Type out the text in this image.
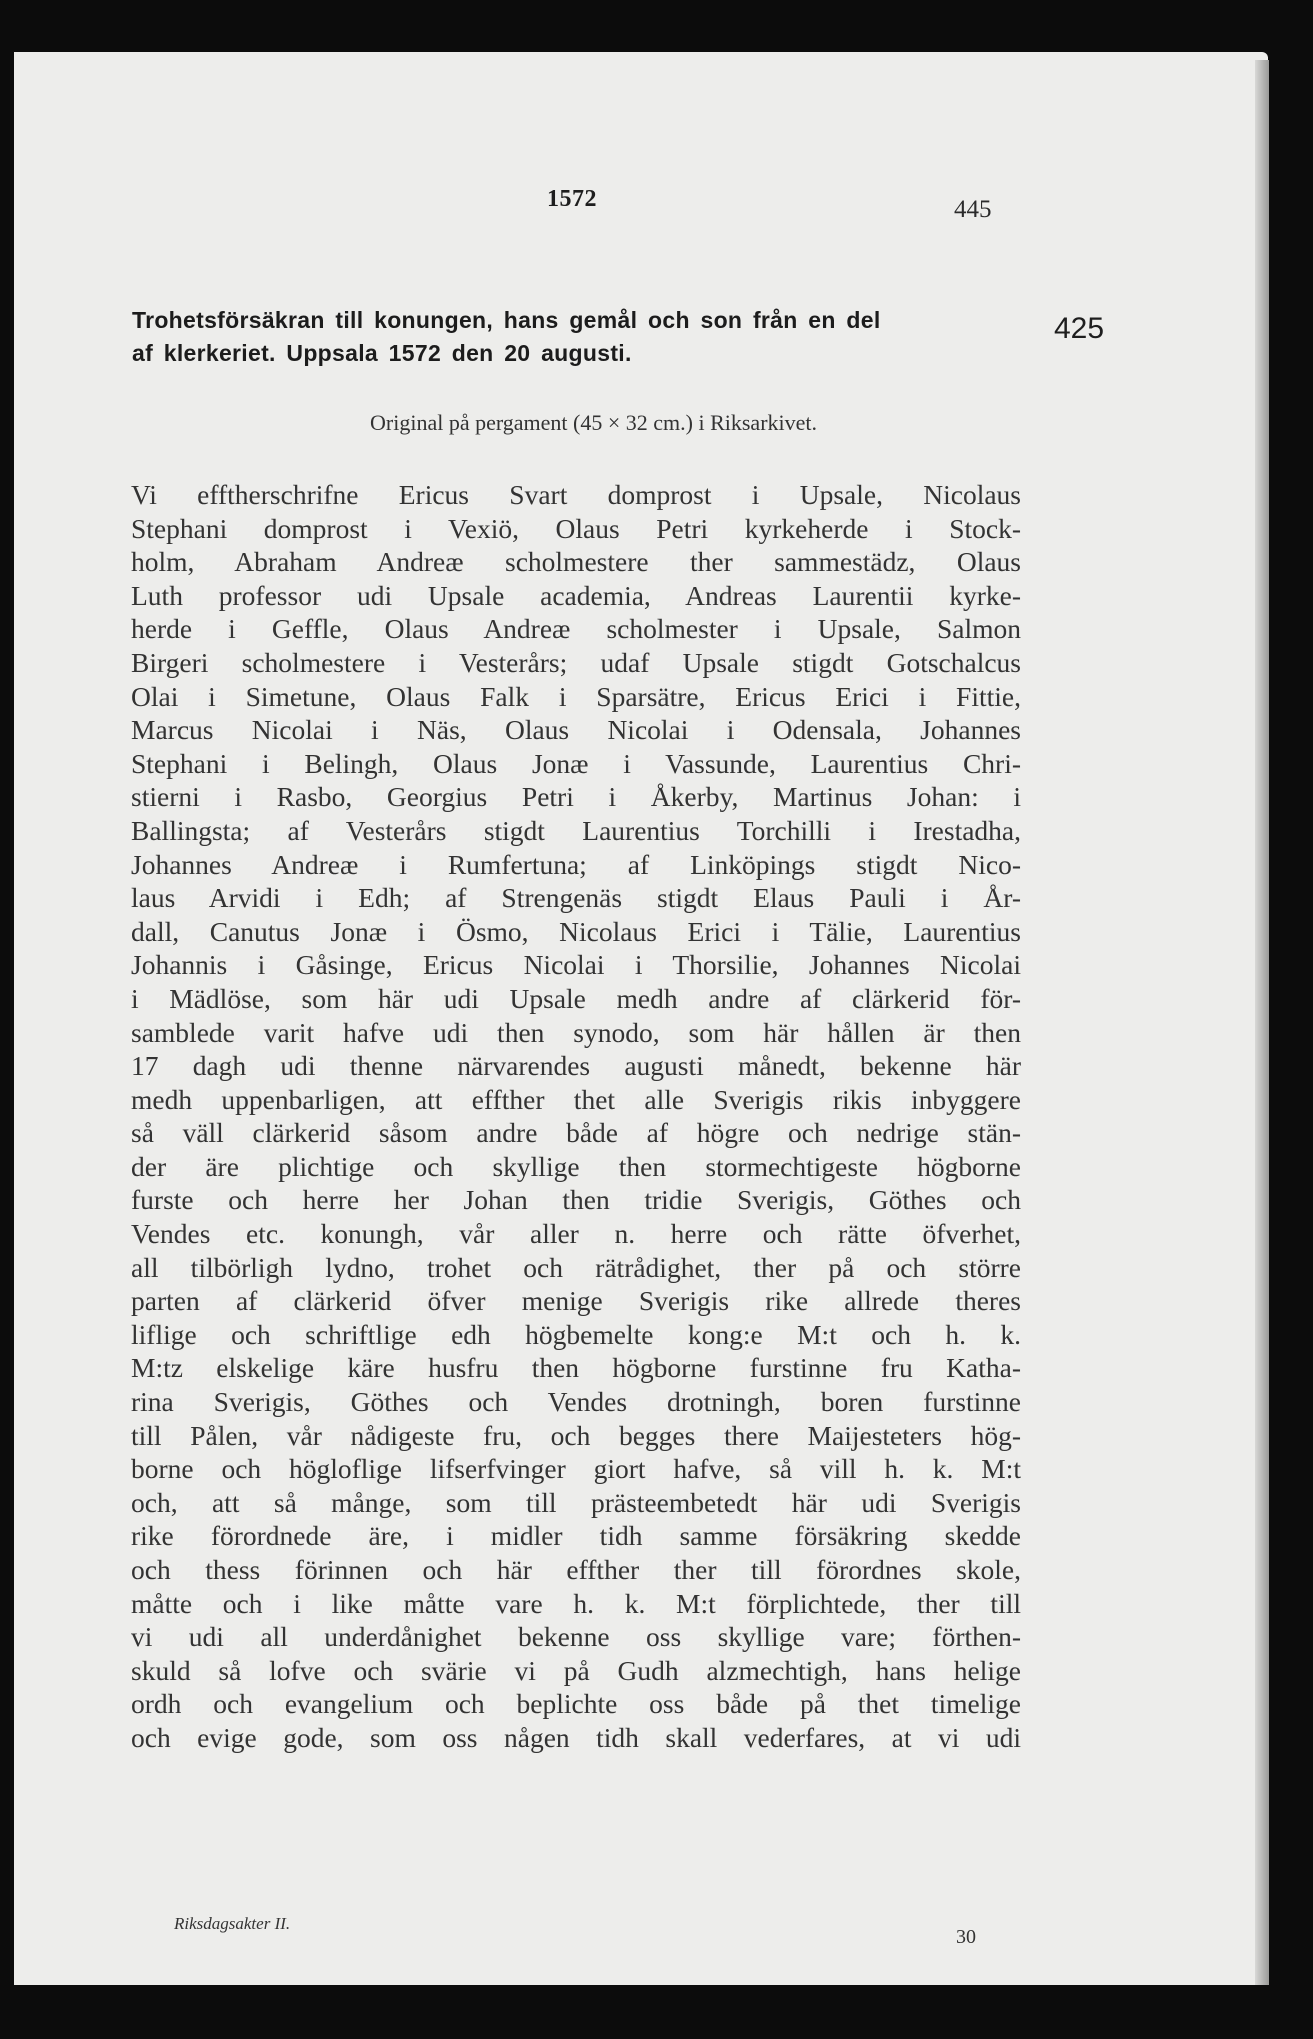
1572	445
425
Trohetsförsäkran till konungen, hans gemål och son från en del
af klerkeriet. Uppsala 1572 den 20 augusti.
Original på pergament (45 × 32 cm.) i Riksarkivet.
Vi efftherschrifne Ericus Svart domprost i Upsale, Nicolaus
Stephani domprost i Vexiö, Olaus Petri kyrkeherde i Stock-
holm, Abraham Andreæ scholmestere ther sammestädz, Olaus
Luth professor udi Upsale academia, Andreas Laurentii kyrke-
herde i Geffle, Olaus Andreæ scholmester i Upsale, Salmon
Birgeri scholmestere i Vesterårs; udaf Upsale stigdt Gotschalcus
Olai i Simetune, Olaus Falk i Sparsätre, Ericus Erici i Fittie,
Marcus Nicolai i Näs, Olaus Nicolai i Odensala, Johannes
Stephani i Belingh, Olaus Jonæ i Vassunde, Laurentius Chri-
stierni i Rasbo, Georgius Petri i Åkerby, Martinus Johan: i
Ballingsta; af Vesterårs stigdt Laurentius Torchilli i Irestadha,
Johannes Andreæ i Rumfertuna; af Linköpings stigdt Nico-
laus Arvidi i Edh; af Strengenäs stigdt Elaus Pauli i År-
dall, Canutus Jonæ i Ösmo, Nicolaus Erici i Tälie, Laurentius
Johannis i Gåsinge, Ericus Nicolai i Thorsilie, Johannes Nicolai
i Mädlöse, som här udi Upsale medh andre af clärkerid för-
samblede varit hafve udi then synodo, som här hållen är then
17 dagh udi thenne närvarendes augusti månedt, bekenne här
medh uppenbarligen, att effther thet alle Sverigis rikis inbyggere
så väll clärkerid såsom andre både af högre och nedrige stän-
der äre plichtige och skyllige then stormechtigeste högborne
furste och herre her Johan then tridie Sverigis, Göthes och
Vendes etc. konungh, vår aller n. herre och rätte öfverhet,
all tilbörligh lydno, trohet och rätrådighet, ther på och större
parten af clärkerid öfver menige Sverigis rike allrede theres
liflige och schriftlige edh högbemelte kong:e M:t och h. k.
M:tz elskelige käre husfru then högborne furstinne fru Katha-
rina Sverigis, Göthes och Vendes drotningh, boren furstinne
till Pålen, vår nådigeste fru, och begges there Maijesteters hög-
borne och högloflige lifserfvinger giort hafve, så vill h. k. M:t
och, att så månge, som till prästeembetedt här udi Sverigis
rike förordnede äre, i midler tidh samme försäkring skedde
och thess förinnen och här effther ther till förordnes skole,
måtte och i like måtte vare h. k. M:t förplichtede, ther till
vi udi all underdånighet bekenne oss skyllige vare; förthen-
skuld så lofve och svärie vi på Gudh alzmechtigh, hans helige
ordh och evangelium och beplichte oss både på thet timelige
och evige gode, som oss någen tidh skall vederfares, at vi udi
Riksdagsakter II.
30
